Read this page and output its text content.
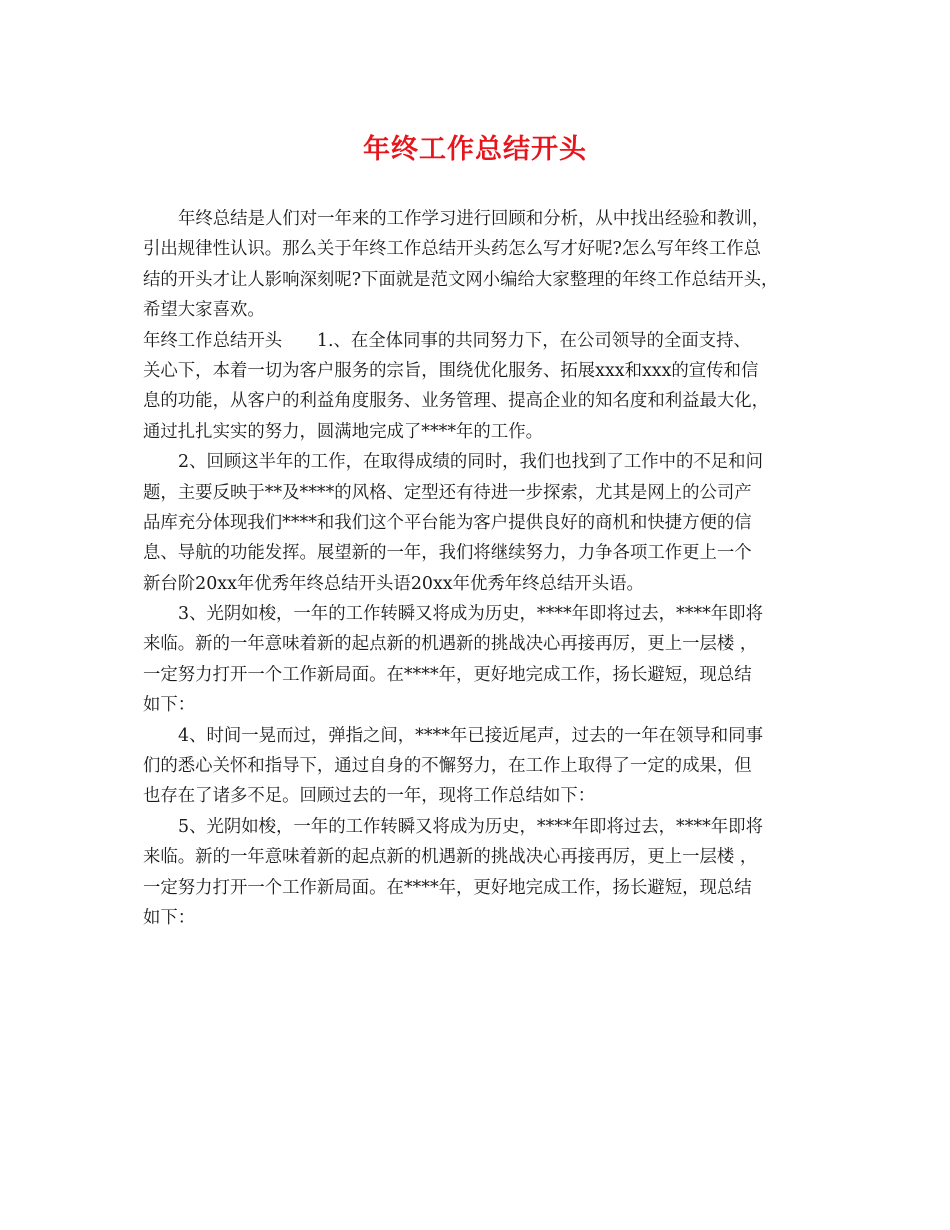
年终工作总结开头
年终总结是人们对一年来的工作学习进行回顾和分析，从中找出经验和教训，
引出规律性认识。那么关于年终工作总结开头药怎么写才好呢?怎么写年终工作总
结的开头才让人影响深刻呢?下面就是范文网小编给大家整理的年终工作总结开头，
希望大家喜欢。
年终工作总结开头　　1.、在全体同事的共同努力下，在公司领导的全面支持、
关心下，本着一切为客户服务的宗旨，围绕优化服务、拓展xxx和xxx的宣传和信
息的功能，从客户的利益角度服务、业务管理、提高企业的知名度和利益最大化，
通过扎扎实实的努力，圆满地完成了****年的工作。
2、回顾这半年的工作，在取得成绩的同时，我们也找到了工作中的不足和问
题，主要反映于**及****的风格、定型还有待进一步探索，尤其是网上的公司产
品库充分体现我们****和我们这个平台能为客户提供良好的商机和快捷方便的信
息、导航的功能发挥。展望新的一年，我们将继续努力，力争各项工作更上一个
新台阶20xx年优秀年终总结开头语20xx年优秀年终总结开头语。
3、光阴如梭，一年的工作转瞬又将成为历史，****年即将过去，****年即将
来临。新的一年意味着新的起点新的机遇新的挑战决心再接再厉，更上一层楼 ，
一定努力打开一个工作新局面。在****年，更好地完成工作，扬长避短，现总结
如下：
4、时间一晃而过，弹指之间，****年已接近尾声，过去的一年在领导和同事
们的悉心关怀和指导下，通过自身的不懈努力，在工作上取得了一定的成果，但
也存在了诸多不足。回顾过去的一年，现将工作总结如下：
5、光阴如梭，一年的工作转瞬又将成为历史，****年即将过去，****年即将
来临。新的一年意味着新的起点新的机遇新的挑战决心再接再厉，更上一层楼 ，
一定努力打开一个工作新局面。在****年，更好地完成工作，扬长避短，现总结
如下：
